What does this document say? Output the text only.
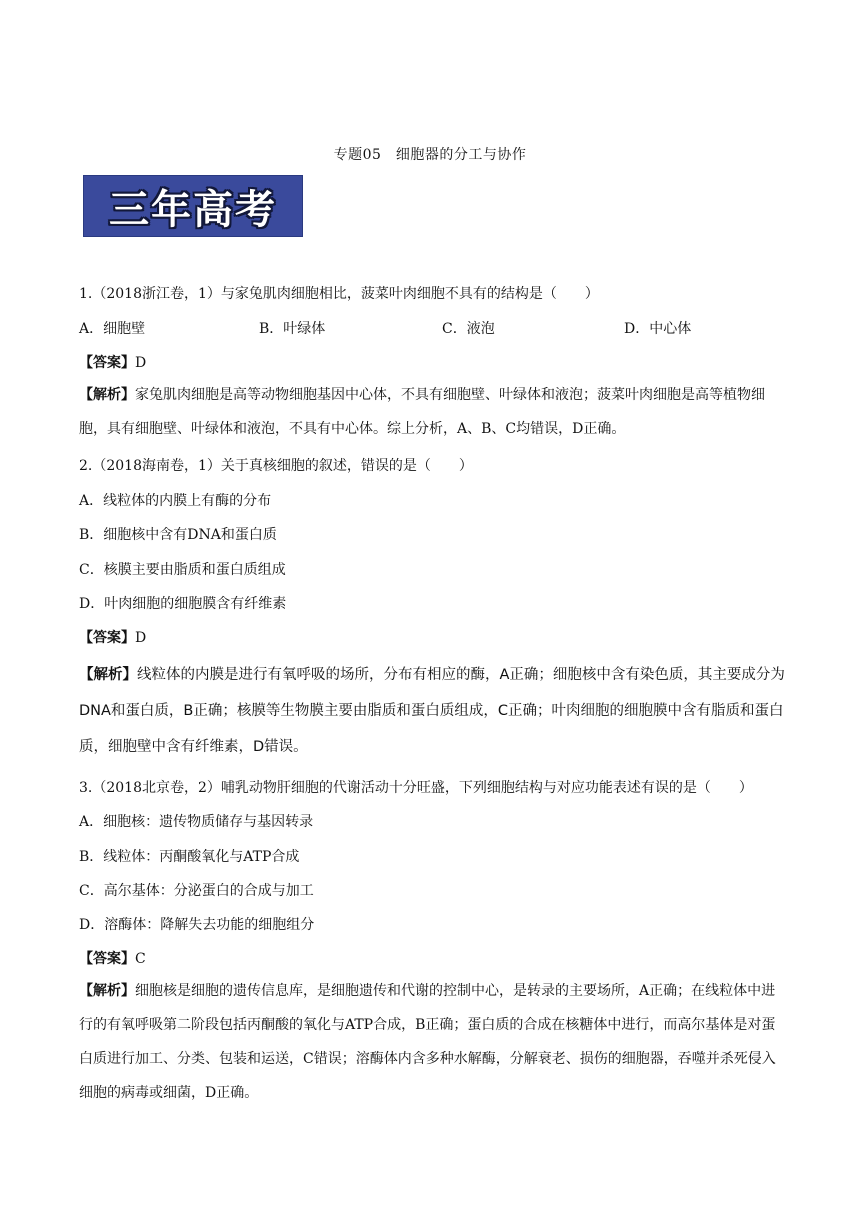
专题05　细胞器的分工与协作
三年高考
1.（2018浙江卷，1）与家兔肌肉细胞相比，菠菜叶肉细胞不具有的结构是（　　）
A．细胞壁	B．叶绿体	C．液泡	D．中心体
【答案】D
【解析】家兔肌肉细胞是高等动物细胞基因中心体，不具有细胞壁、叶绿体和液泡；菠菜叶肉细胞是高等植物细胞，具有细胞壁、叶绿体和液泡，不具有中心体。综上分析，A、B、C均错误，D正确。
2.（2018海南卷，1）关于真核细胞的叙述，错误的是（　　）
A．线粒体的内膜上有酶的分布
B．细胞核中含有DNA和蛋白质
C．核膜主要由脂质和蛋白质组成
D．叶肉细胞的细胞膜含有纤维素
【答案】D
【解析】线粒体的内膜是进行有氧呼吸的场所，分布有相应的酶，A正确；细胞核中含有染色质，其主要成分为DNA和蛋白质，B正确；核膜等生物膜主要由脂质和蛋白质组成，C正确；叶肉细胞的细胞膜中含有脂质和蛋白质，细胞壁中含有纤维素，D错误。
3.（2018北京卷，2）哺乳动物肝细胞的代谢活动十分旺盛，下列细胞结构与对应功能表述有误的是（　　）
A．细胞核：遗传物质储存与基因转录
B．线粒体：丙酮酸氧化与ATP合成
C．高尔基体：分泌蛋白的合成与加工
D．溶酶体：降解失去功能的细胞组分
【答案】C
【解析】细胞核是细胞的遗传信息库，是细胞遗传和代谢的控制中心，是转录的主要场所，A正确；在线粒体中进行的有氧呼吸第二阶段包括丙酮酸的氧化与ATP合成，B正确；蛋白质的合成在核糖体中进行，而高尔基体是对蛋白质进行加工、分类、包装和运送，C错误；溶酶体内含多种水解酶，分解衰老、损伤的细胞器，吞噬并杀死侵入细胞的病毒或细菌，D正确。
